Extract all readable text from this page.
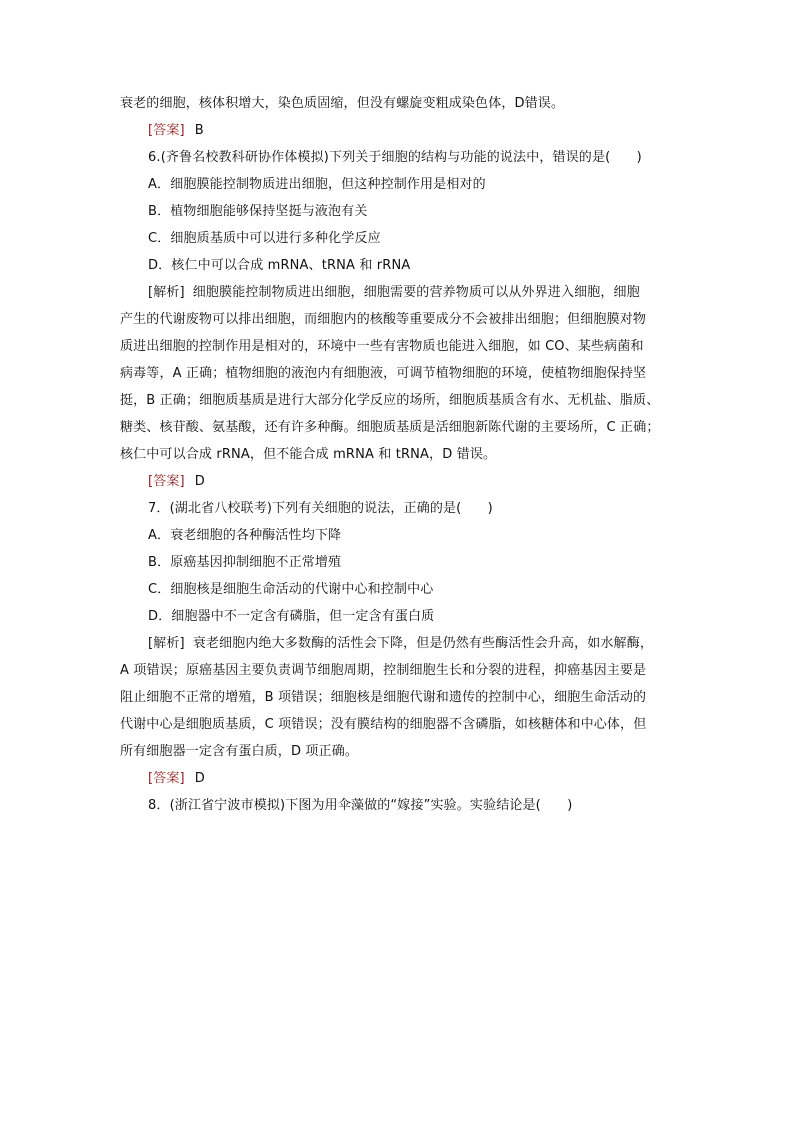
衰老的细胞，核体积增大，染色质固缩，但没有螺旋变粗成染色体，D错误。
[答案] B
6.(齐鲁名校教科研协作体模拟)下列关于细胞的结构与功能的说法中，错误的是(　　)
A．细胞膜能控制物质进出细胞，但这种控制作用是相对的
B．植物细胞能够保持坚挺与液泡有关
C．细胞质基质中可以进行多种化学反应
D．核仁中可以合成 mRNA、tRNA 和 rRNA
[解析] 细胞膜能控制物质进出细胞，细胞需要的营养物质可以从外界进入细胞，细胞
产生的代谢废物可以排出细胞，而细胞内的核酸等重要成分不会被排出细胞；但细胞膜对物
质进出细胞的控制作用是相对的，环境中一些有害物质也能进入细胞，如 CO、某些病菌和
病毒等，A 正确；植物细胞的液泡内有细胞液，可调节植物细胞的环境，使植物细胞保持坚
挺，B 正确；细胞质基质是进行大部分化学反应的场所，细胞质基质含有水、无机盐、脂质、
糖类、核苷酸、氨基酸，还有许多种酶。细胞质基质是活细胞新陈代谢的主要场所，C 正确；
核仁中可以合成 rRNA，但不能合成 mRNA 和 tRNA，D 错误。
[答案] D
7．(湖北省八校联考)下列有关细胞的说法，正确的是(　　)
A．衰老细胞的各种酶活性均下降
B．原癌基因抑制细胞不正常增殖
C．细胞核是细胞生命活动的代谢中心和控制中心
D．细胞器中不一定含有磷脂，但一定含有蛋白质
[解析] 衰老细胞内绝大多数酶的活性会下降，但是仍然有些酶活性会升高，如水解酶，
A 项错误；原癌基因主要负责调节细胞周期，控制细胞生长和分裂的进程，抑癌基因主要是
阻止细胞不正常的增殖，B 项错误；细胞核是细胞代谢和遗传的控制中心，细胞生命活动的
代谢中心是细胞质基质，C 项错误；没有膜结构的细胞器不含磷脂，如核糖体和中心体，但
所有细胞器一定含有蛋白质，D 项正确。
[答案] D
8．(浙江省宁波市模拟)下图为用伞藻做的“嫁接”实验。实验结论是(　　)
